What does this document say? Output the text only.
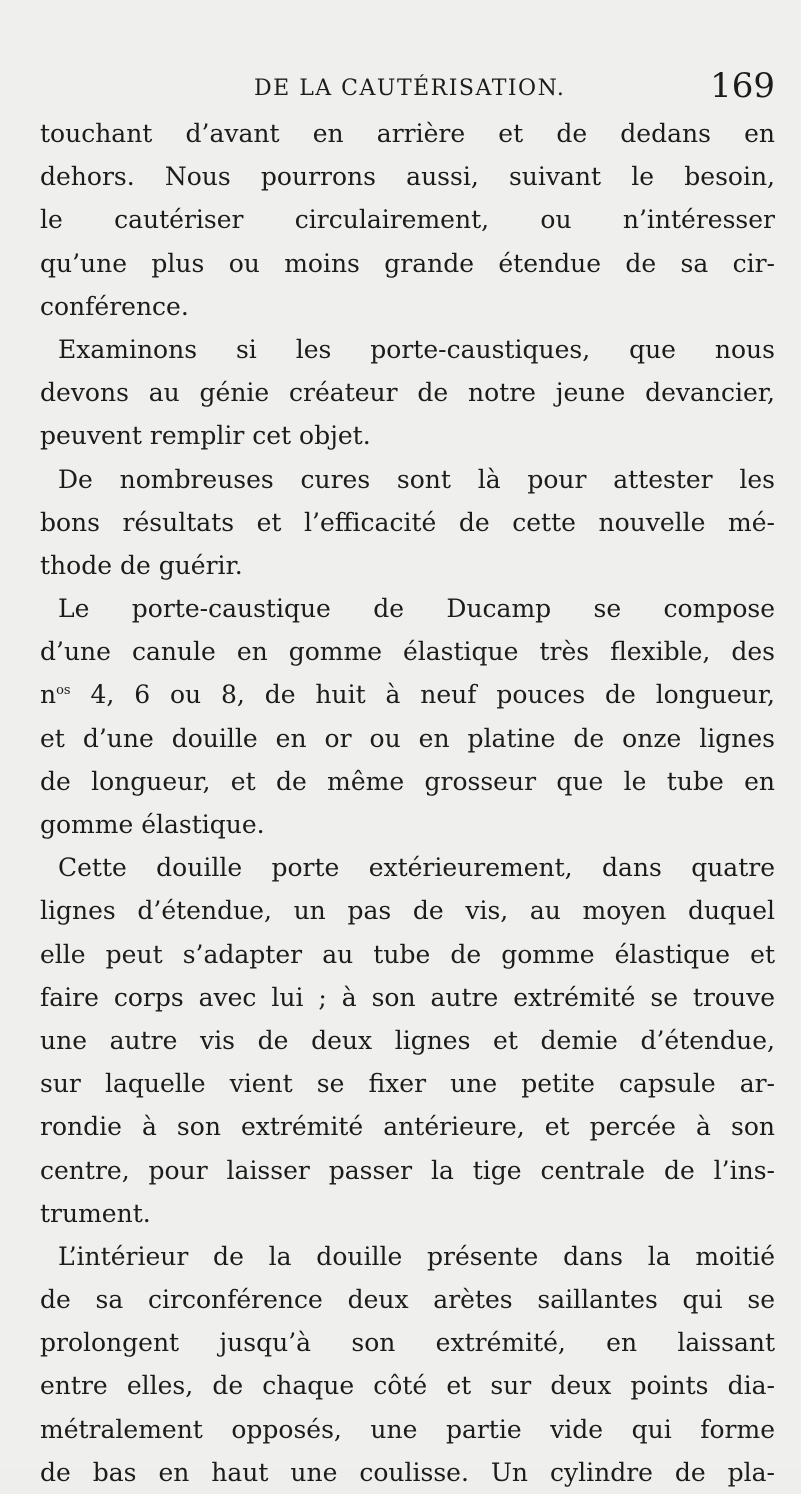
DE LA CAUTÉRISATION.	169
touchant d’avant en arrière et de dedans en
dehors. Nous pourrons aussi, suivant le besoin,
le cautériser circulairement, ou n’intéresser
qu’une plus ou moins grande étendue de sa cir-
conférence.
Examinons si les porte-caustiques, que nous
devons au génie créateur de notre jeune devancier,
peuvent remplir cet objet.
De nombreuses cures sont là pour attester les
bons résultats et l’efficacité de cette nouvelle mé-
thode de guérir.
Le porte-caustique de Ducamp se compose
d’une canule en gomme élastique très flexible, des
$n^{os}$ 4, 6 ou 8, de huit à neuf pouces de longueur,
et d’une douille en or ou en platine de onze lignes
de longueur, et de même grosseur que le tube en
gomme élastique.
Cette douille porte extérieurement, dans quatre
lignes d’étendue, un pas de vis, au moyen duquel
elle peut s’adapter au tube de gomme élastique et
faire corps avec lui ; à son autre extrémité se trouve
une autre vis de deux lignes et demie d’étendue,
sur laquelle vient se fixer une petite capsule ar-
rondie à son extrémité antérieure, et percée à son
centre, pour laisser passer la tige centrale de l’ins-
trument.
L’intérieur de la douille présente dans la moitié
de sa circonférence deux arètes saillantes qui se
prolongent jusqu’à son extrémité, en laissant
entre elles, de chaque côté et sur deux points dia-
métralement opposés, une partie vide qui forme
de bas en haut une coulisse. Un cylindre de pla-
